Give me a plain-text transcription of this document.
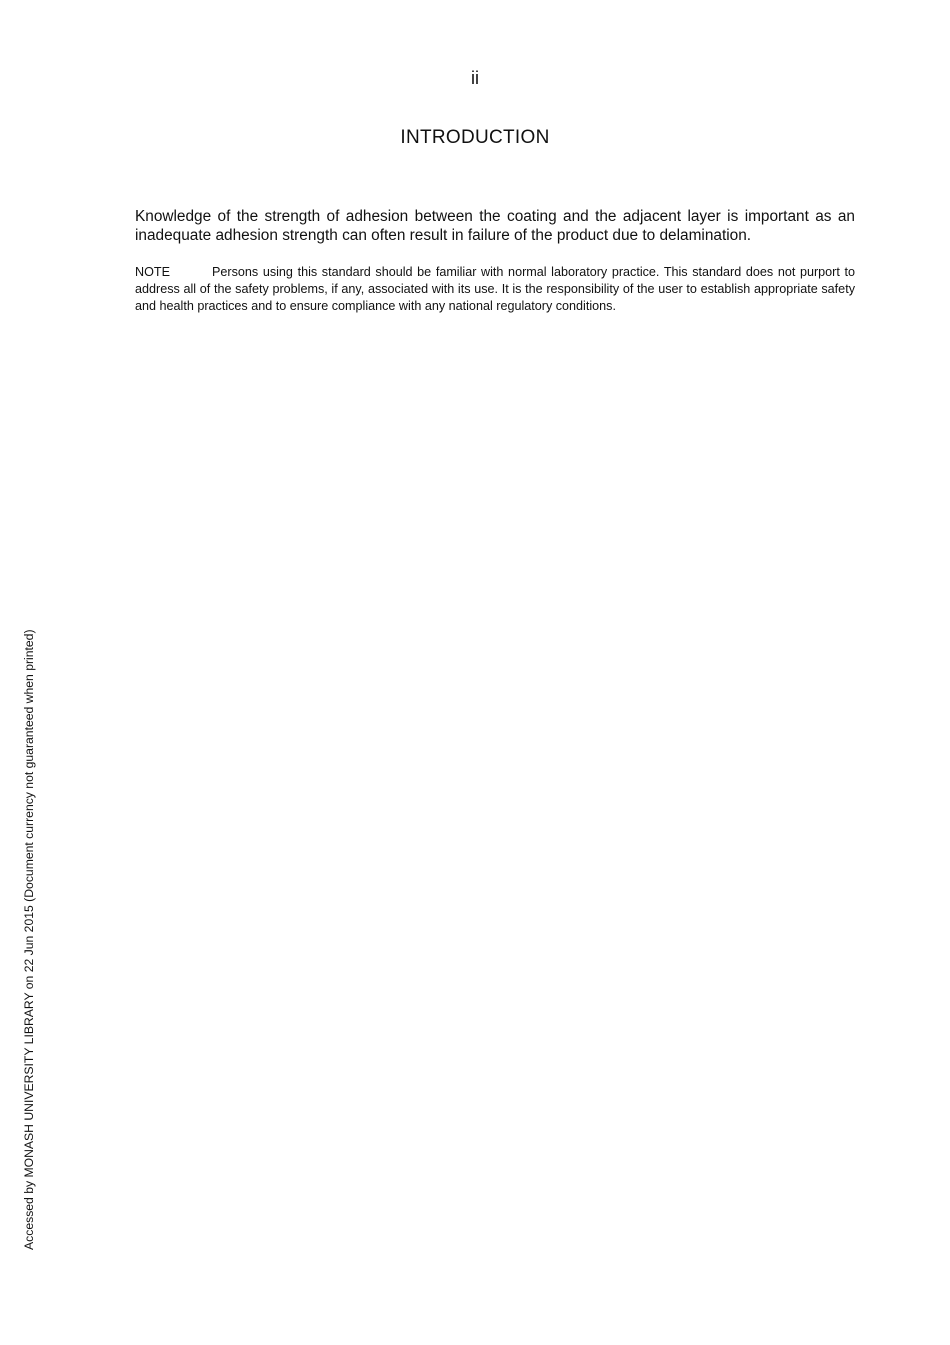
ii
INTRODUCTION

Knowledge of the strength of adhesion between the coating and the adjacent layer is important as an inadequate adhesion strength can often result in failure of the product due to delamination.

NOTE	Persons using this standard should be familiar with normal laboratory practice. This standard does not purport to address all of the safety problems, if any, associated with its use. It is the responsibility of the user to establish appropriate safety and health practices and to ensure compliance with any national regulatory conditions.

Accessed by MONASH UNIVERSITY LIBRARY on 22 Jun 2015 (Document currency not guaranteed when printed)
